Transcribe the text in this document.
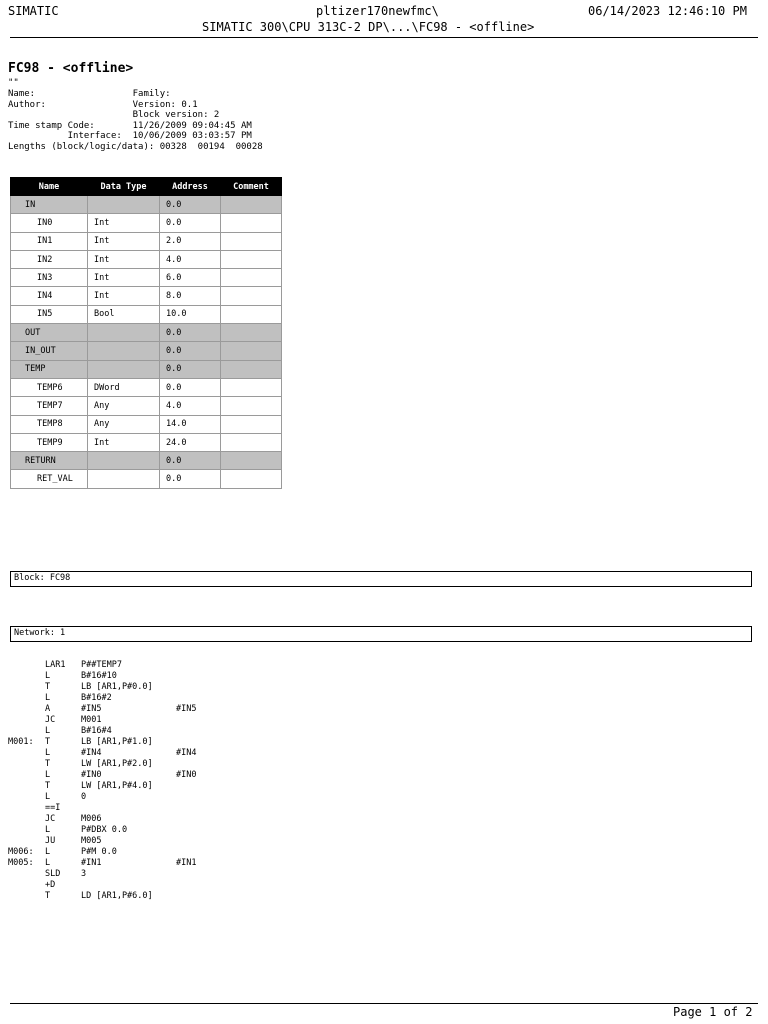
SIMATIC	pltizer170newfmc\	06/14/2023 12:46:10 PM
SIMATIC 300\CPU 313C-2 DP\...\FC98 - <offline>
FC98 - <offline>
""
Name:                  Family:
Author:                Version: 0.1
Block version: 2
Time stamp Code:       11/26/2009 09:04:45 AM
Interface:  10/06/2009 03:03:57 PM
Lengths (block/logic/data): 00328  00194  00028
Name	Data Type	Address	Comment
IN		0.0	
IN0	Int	0.0	
IN1	Int	2.0	
IN2	Int	4.0	
IN3	Int	6.0	
IN4	Int	8.0	
IN5	Bool	10.0	
OUT		0.0	
IN_OUT		0.0	
TEMP		0.0	
TEMP6	DWord	0.0	
TEMP7	Any	4.0	
TEMP8	Any	14.0	
TEMP9	Int	24.0	
RETURN		0.0	
RET_VAL		0.0	
Block: FC98
Network: 1
LAR1 P##TEMP7
L	B#16#10
T	LB [AR1,P#0.0]
L	B#16#2
A	#IN5	#IN5
JC	M001
L	B#16#4
M001: T	LB [AR1,P#1.0]
L	#IN4	#IN4
T	LW [AR1,P#2.0]
L	#IN0	#IN0
T	LW [AR1,P#4.0]
L	0
==I
JC	M006
L	P#DBX 0.0
JU	M005
M006: L	P#M 0.0
M005: L	#IN1	#IN1
SLD 3
+D
T	LD [AR1,P#6.0]
Page 1 of 2
